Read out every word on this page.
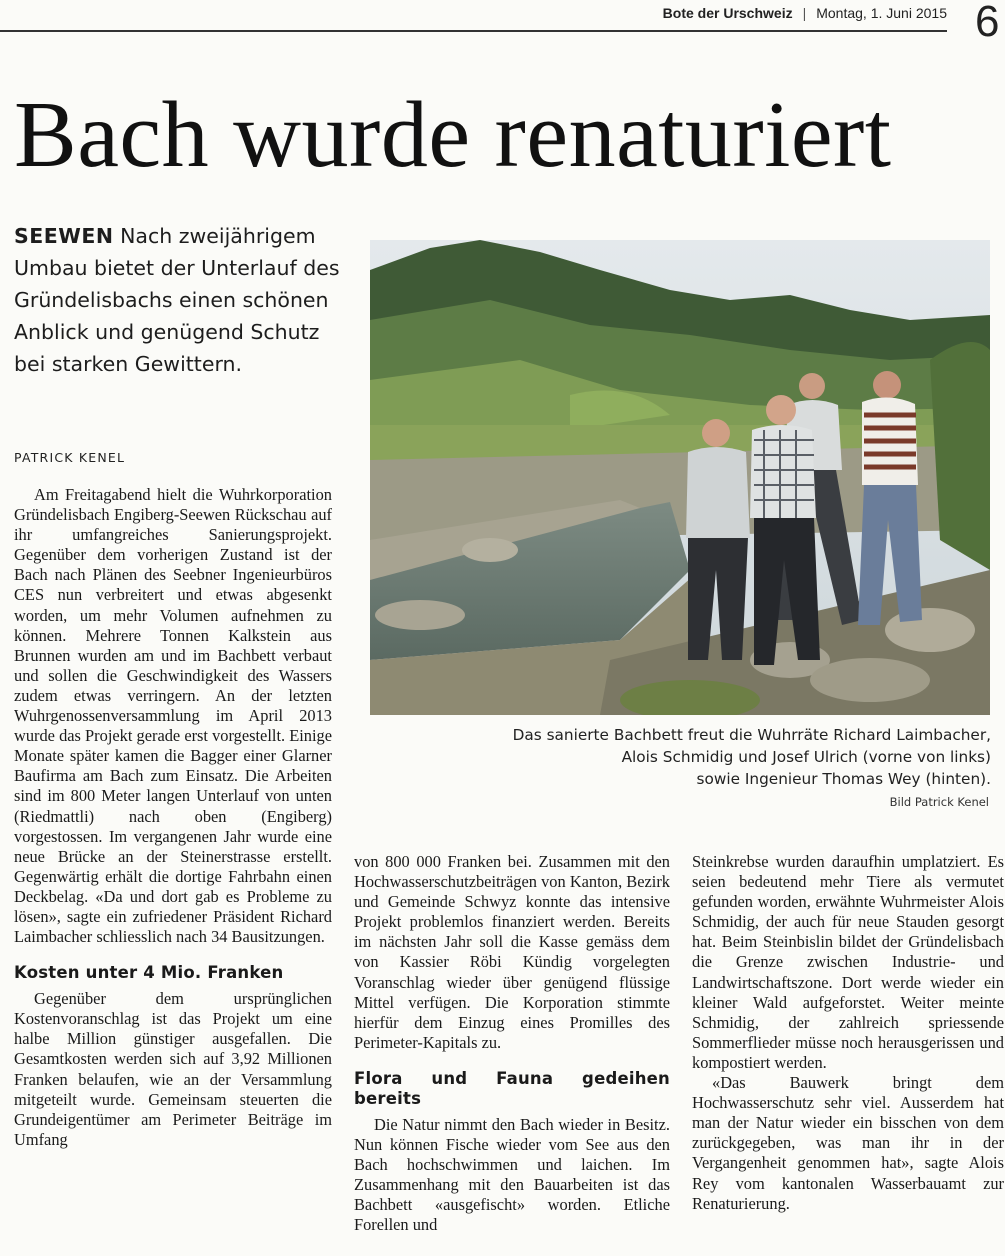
Bote der Urschweiz | Montag, 1. Juni 2015 6
Bach wurde renaturiert
SEEWEN Nach zweijährigem Umbau bietet der Unterlauf des Gründelisbachs einen schönen Anblick und genügend Schutz bei starken Gewittern.
PATRICK KENEL
Das sanierte Bachbett freut die Wuhrräte Richard Laimbacher,
Alois Schmidig und Josef Ulrich (vorne von links)
sowie Ingenieur Thomas Wey (hinten).
Bild Patrick Kenel

Am Freitagabend hielt die Wuhrkorporation Gründelisbach Engiberg-Seewen Rückschau auf ihr umfangreiches Sanierungsprojekt. Gegenüber dem vorherigen Zustand ist der Bach nach Plänen des Seebner Ingenieurbüros CES nun verbreitert und etwas abgesenkt worden, um mehr Volumen aufnehmen zu können. Mehrere Tonnen Kalkstein aus Brunnen wurden am und im Bachbett verbaut und sollen die Geschwindigkeit des Wassers zudem etwas verringern. An der letzten Wuhrgenossenversammlung im April 2013 wurde das Projekt gerade erst vorgestellt. Einige Monate später kamen die Bagger einer Glarner Baufirma am Bach zum Einsatz. Die Arbeiten sind im 800 Meter langen Unterlauf von unten (Riedmattli) nach oben (Engiberg) vorgestossen. Im vergangenen Jahr wurde eine neue Brücke an der Steinerstrasse erstellt. Gegenwärtig erhält die dortige Fahrbahn einen Deckbelag. «Da und dort gab es Probleme zu lösen», sagte ein zufriedener Präsident Richard Laimbacher schliesslich nach 34 Bausitzungen.

Kosten unter 4 Mio. Franken

Gegenüber dem ursprünglichen Kostenvoranschlag ist das Projekt um eine halbe Million günstiger ausgefallen. Die Gesamtkosten werden sich auf 3,92 Millionen Franken belaufen, wie an der Versammlung mitgeteilt wurde. Gemeinsam steuerten die Grundeigentümer am Perimeter Beiträge im Umfang

von 800 000 Franken bei. Zusammen mit den Hochwasserschutzbeiträgen von Kanton, Bezirk und Gemeinde Schwyz konnte das intensive Projekt problemlos finanziert werden. Bereits im nächsten Jahr soll die Kasse gemäss dem von Kassier Röbi Kündig vorgelegten Voranschlag wieder über genügend flüssige Mittel verfügen. Die Korporation stimmte hierfür dem Einzug eines Promilles des Perimeter-Kapitals zu.

Flora und Fauna gedeihen bereits

Die Natur nimmt den Bach wieder in Besitz. Nun können Fische wieder vom See aus den Bach hochschwimmen und laichen. Im Zusammenhang mit den Bauarbeiten ist das Bachbett «ausgefischt» worden. Etliche Forellen und

Steinkrebse wurden daraufhin umplatziert. Es seien bedeutend mehr Tiere als vermutet gefunden worden, erwähnte Wuhrmeister Alois Schmidig, der auch für neue Stauden gesorgt hat. Beim Steinbislin bildet der Gründelisbach die Grenze zwischen Industrie- und Landwirtschaftszone. Dort werde wieder ein kleiner Wald aufgeforstet. Weiter meinte Schmidig, der zahlreich spriessende Sommerflieder müsse noch herausgerissen und kompostiert werden.

«Das Bauwerk bringt dem Hochwasserschutz sehr viel. Ausserdem hat man der Natur wieder ein bisschen von dem zurückgegeben, was man ihr in der Vergangenheit genommen hat», sagte Alois Rey vom kantonalen Wasserbauamt zur Renaturierung.
